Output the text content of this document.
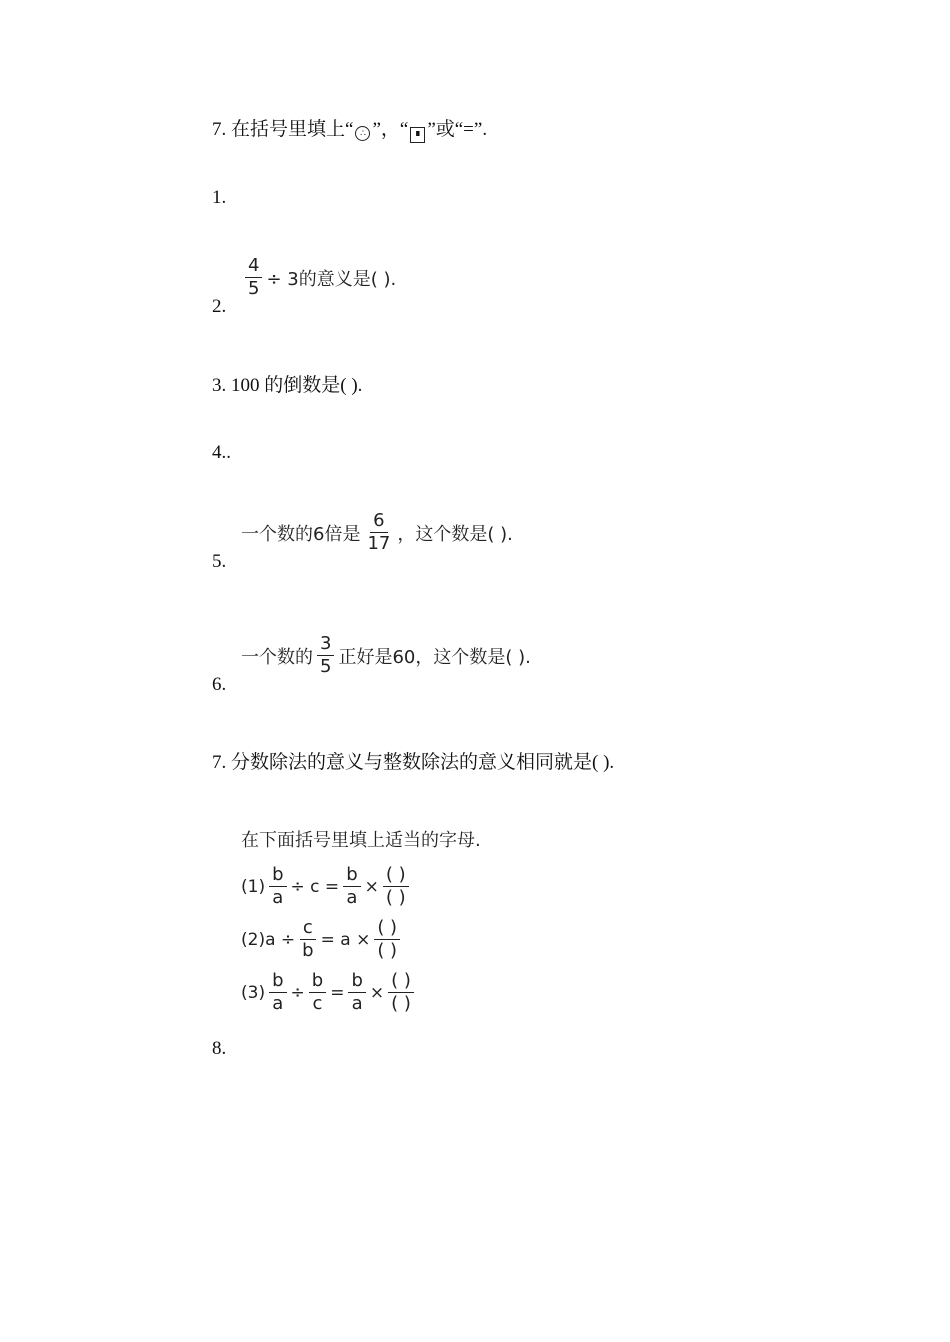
7. 在括号里填上“ ∴ ”，“ ∎ ”或“=”.
1.
$\frac{4}{5} \div 3$的意义是( ).
2.
3. 100 的倒数是( ).
4..
一个数的6倍是 $\frac{6}{17}$ ，这个数是( ).
5.
一个数的 $\frac{3}{5}$ 正好是60，这个数是( ).
6.
7. 分数除法的意义与整数除法的意义相同就是( ).
在下面括号里填上适当的字母.
$(1) \frac{b}{a} \div c = \frac{b}{a} \times \frac{( )}{( )}$
$(2)a \div \frac{c}{b} = a \times \frac{( )}{( )}$
$(3) \frac{b}{a} \div \frac{b}{c} = \frac{b}{a} \times \frac{( )}{( )}$
8.
